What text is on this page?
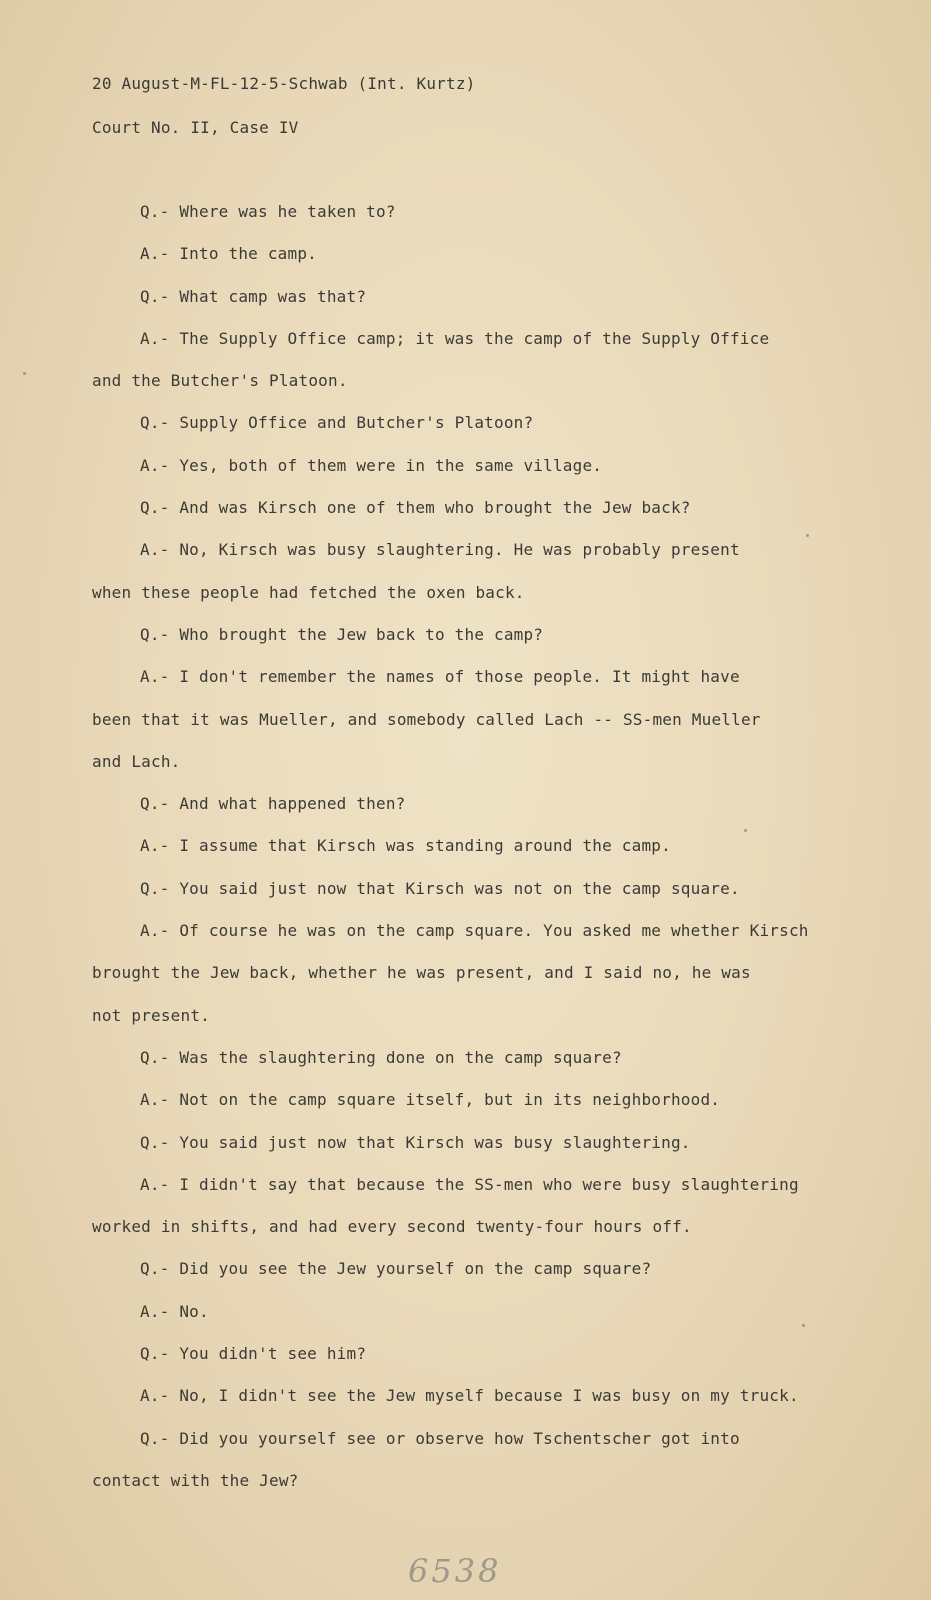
20 August-M-FL-12-5-Schwab (Int. Kurtz)
Court No. II, Case IV
Q.- Where was he taken to?
A.- Into the camp.
Q.- What camp was that?
A.- The Supply Office camp; it was the camp of the Supply Office
and the Butcher's Platoon.
Q.- Supply Office and Butcher's Platoon?
A.- Yes, both of them were in the same village.
Q.- And was Kirsch one of them who brought the Jew back?
A.- No, Kirsch was busy slaughtering. He was probably present
when these people had fetched the oxen back.
Q.- Who brought the Jew back to the camp?
A.- I don't remember the names of those people. It might have
been that it was Mueller, and somebody called Lach -- SS-men Mueller
and Lach.
Q.- And what happened then?
A.- I assume that Kirsch was standing around the camp.
Q.- You said just now that Kirsch was not on the camp square.
A.- Of course he was on the camp square. You asked me whether Kirsch
brought the Jew back, whether he was present, and I said no, he was
not present.
Q.- Was the slaughtering done on the camp square?
A.- Not on the camp square itself, but in its neighborhood.
Q.- You said just now that Kirsch was busy slaughtering.
A.- I didn't say that because the SS-men who were busy slaughtering
worked in shifts, and had every second twenty-four hours off.
Q.- Did you see the Jew yourself on the camp square?
A.- No.
Q.- You didn't see him?
A.- No, I didn't see the Jew myself because I was busy on my truck.
Q.- Did you yourself see or observe how Tschentscher got into
contact with the Jew?
6538
